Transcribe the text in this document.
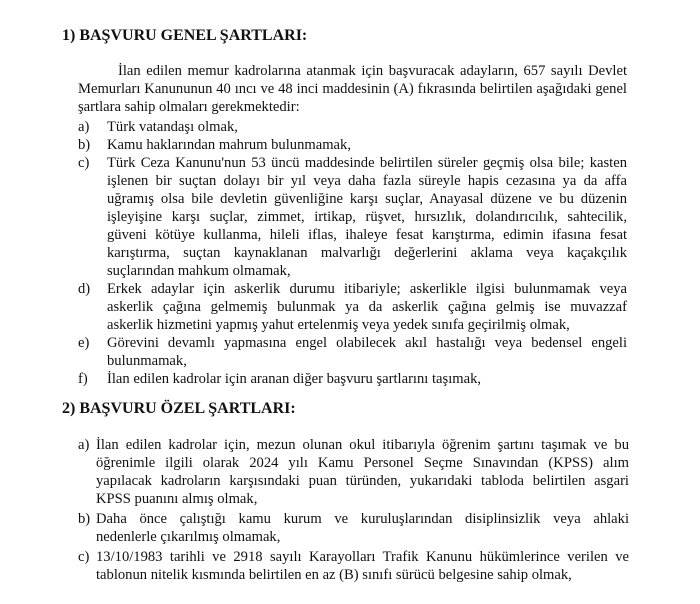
1) BAŞVURU GENEL ŞARTLARI:

İlan edilen memur kadrolarına atanmak için başvuracak adayların, 657 sayılı Devlet

Memurları Kanununun 40 ıncı ve 48 inci maddesinin (A) fıkrasında belirtilen aşağıdaki genel

şartlara sahip olmaları gerekmektedir:

a) Türk vatandaşı olmak,

b) Kamu haklarından mahrum bulunmamak,

c) Türk Ceza Kanunu'nun 53 üncü maddesinde belirtilen süreler geçmiş olsa bile; kasten

işlenen bir suçtan dolayı bir yıl veya daha fazla süreyle hapis cezasına ya da affa

uğramış olsa bile devletin güvenliğine karşı suçlar, Anayasal düzene ve bu düzenin

işleyişine karşı suçlar, zimmet, irtikap, rüşvet, hırsızlık, dolandırıcılık, sahtecilik,

güveni kötüye kullanma, hileli iflas, ihaleye fesat karıştırma, edimin ifasına fesat

karıştırma, suçtan kaynaklanan malvarlığı değerlerini aklama veya kaçakçılık

suçlarından mahkum olmamak,

d) Erkek adaylar için askerlik durumu itibariyle; askerlikle ilgisi bulunmamak veya

askerlik çağına gelmemiş bulunmak ya da askerlik çağına gelmiş ise muvazzaf

askerlik hizmetini yapmış yahut ertelenmiş veya yedek sınıfa geçirilmiş olmak,

e) Görevini devamlı yapmasına engel olabilecek akıl hastalığı veya bedensel engeli

bulunmamak,

f) İlan edilen kadrolar için aranan diğer başvuru şartlarını taşımak,

2) BAŞVURU ÖZEL ŞARTLARI:

a) İlan edilen kadrolar için, mezun olunan okul itibarıyla öğrenim şartını taşımak ve bu

öğrenimle ilgili olarak 2024 yılı Kamu Personel Seçme Sınavından (KPSS) alım

yapılacak kadroların karşısındaki puan türünden, yukarıdaki tabloda belirtilen asgari

KPSS puanını almış olmak,

b) Daha önce çalıştığı kamu kurum ve kuruluşlarından disiplinsizlik veya ahlaki

nedenlerle çıkarılmış olmamak,

c) 13/10/1983 tarihli ve 2918 sayılı Karayolları Trafik Kanunu hükümlerince verilen ve

tablonun nitelik kısmında belirtilen en az (B) sınıfı sürücü belgesine sahip olmak,
